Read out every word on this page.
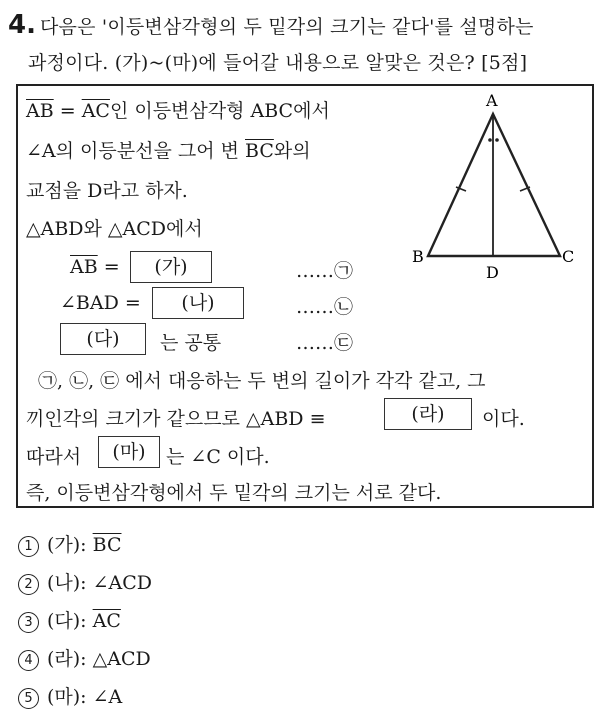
4. 다음은 '이등변삼각형의 두 밑각의 크기는 같다'를 설명하는
과정이다. (가)~(마)에 들어갈 내용으로 알맞은 것은? [5점]
$\overline{AB} = \overline{AC}$인 이등변삼각형 ABC에서
∠A의 이등분선을 그어 변 $\overline{BC}$와의
교점을 D라고 하자.
△ABD와 △ACD에서
$\overline{AB}$ =	(가)	……㉠
∠BAD =	(나)	……㉡
(다)	는 공통	……㉢
㉠, ㉡, ㉢ 에서 대응하는 두 변의 길이가 각각 같고, 그
끼인각의 크기가 같으므로 △ABD ≡	(라)	이다.
따라서	(마)	는 ∠C 이다.
즉, 이등변삼각형에서 두 밑각의 크기는 서로 같다.
A
B	C
D
1 (가): $\overline{BC}$
2 (나): ∠ACD
3 (다): $\overline{AC}$
4 (라): △ACD
5 (마): ∠A
